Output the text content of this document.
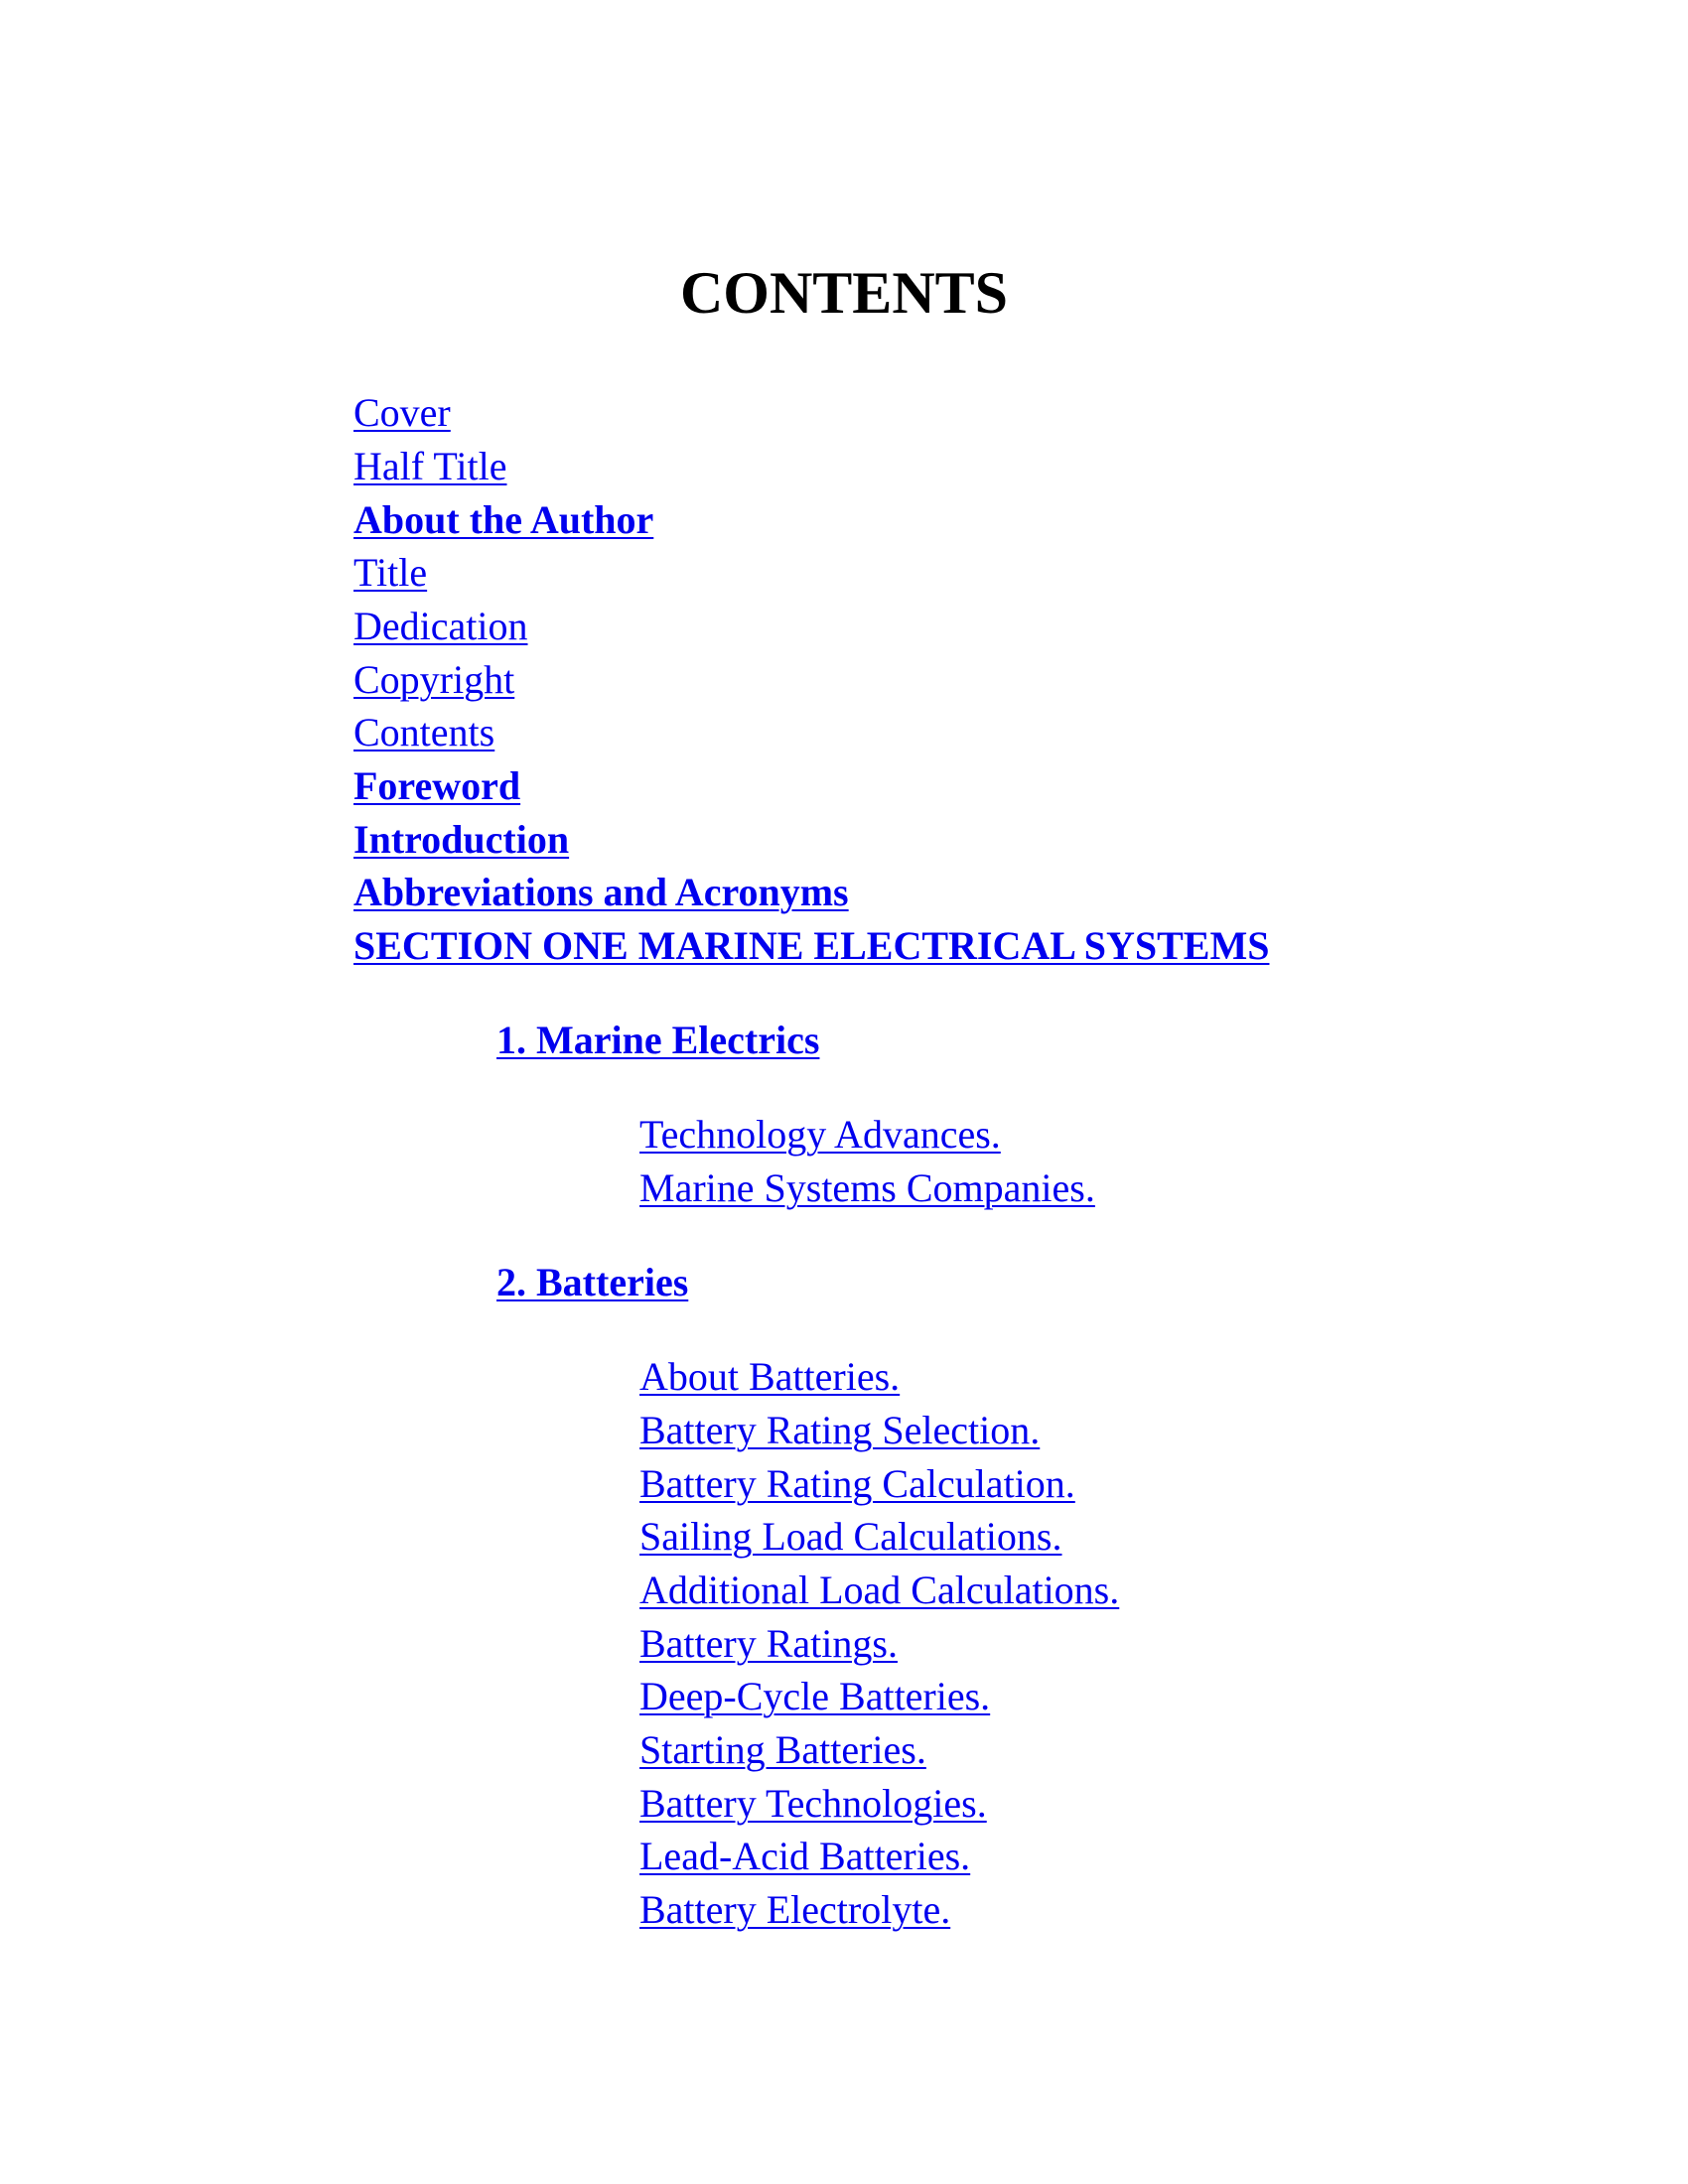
CONTENTS
Cover
Half Title
About the Author
Title
Dedication
Copyright
Contents
Foreword
Introduction
Abbreviations and Acronyms
SECTION ONE MARINE ELECTRICAL SYSTEMS
1. Marine Electrics
Technology Advances.
Marine Systems Companies.
2. Batteries
About Batteries.
Battery Rating Selection.
Battery Rating Calculation.
Sailing Load Calculations.
Additional Load Calculations.
Battery Ratings.
Deep-Cycle Batteries.
Starting Batteries.
Battery Technologies.
Lead-Acid Batteries.
Battery Electrolyte.
